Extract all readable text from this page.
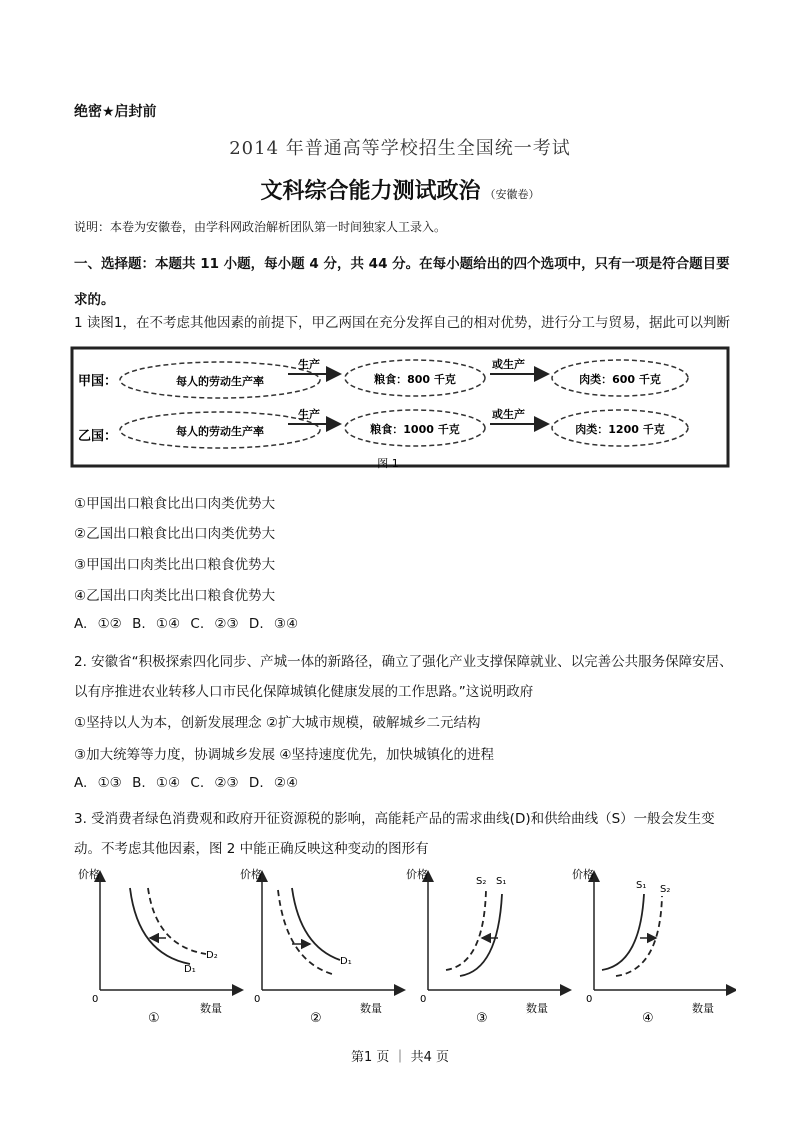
绝密★启封前
2014 年普通高等学校招生全国统一考试
文科综合能力测试政治 （安徽卷）
说明：本卷为安徽卷，由学科网政治解析团队第一时间独家人工录入。
一、选择题：本题共 11 小题，每小题 4 分，共 44 分。在每小题给出的四个选项中，只有一项是符合题目要求的。
1 读图1，在不考虑其他因素的前提下，甲乙两国在充分发挥自己的相对优势，进行分工与贸易，据此可以判断
甲国：	每人的劳动生产率
生产
粮食：800 千克
或生产
肉类：600 千克
乙国：	每人的劳动生产率
生产
粮食：1000 千克
或生产
肉类：1200 千克
图 1
①甲国出口粮食比出口肉类优势大
②乙国出口粮食比出口肉类优势大
③甲国出口肉类比出口粮食优势大
④乙国出口肉类比出口粮食优势大
A. ①② B. ①④ C. ②③ D. ③④
2. 安徽省“积极探索四化同步、产城一体的新路径，确立了强化产业支撑保障就业、以完善公共服务保障安居、以有序推进农业转移人口市民化保障城镇化健康发展的工作思路。”这说明政府
①坚持以人为本，创新发展理念 ②扩大城市规模，破解城乡二元结构
③加大统筹等力度，协调城乡发展 ④坚持速度优先，加快城镇化的进程
A. ①③ B. ①④ C. ②③ D. ②④
3. 受消费者绿色消费观和政府开征资源税的影响，高能耗产品的需求曲线(D)和供给曲线（S）一般会发生变动。不考虑其他因素，图 2 中能正确反映这种变动的图形有
价格
0
数量
D₂
D₁
①
价格
0
数量
D₁
②
价格
0
数量
S₂ S₁
③
价格
0
数量
S₁ S₂
④
第1 页 ｜ 共4 页
